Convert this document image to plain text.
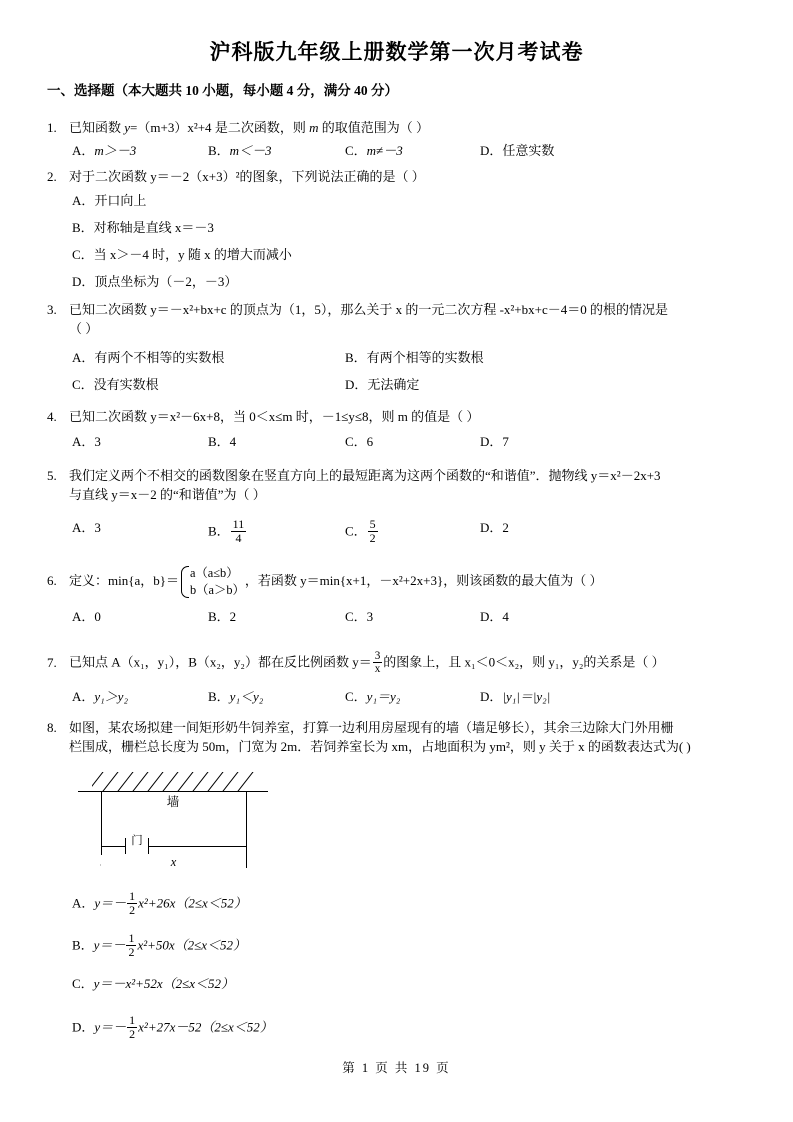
沪科版九年级上册数学第一次月考试卷
一、选择题（本大题共 10 小题，每小题 4 分，满分 40 分）
1. 已知函数 y=（m+3）x²+4 是二次函数，则 m 的取值范围为（ ）
A．m＞－3	B．m＜－3	C．m≠－3	D．任意实数
2. 对于二次函数 y＝－2（x+3）²的图象，下列说法正确的是（ ）
A．开口向上
B．对称轴是直线 x＝－3
C．当 x＞－4 时，y 随 x 的增大而减小
D．顶点坐标为（－2，－3）
3. 已知二次函数 y＝－x²+bx+c 的顶点为（1，5），那么关于 x 的一元二次方程 -x²+bx+c－4＝0 的根的情况是
（ ）
A．有两个不相等的实数根	B．有两个相等的实数根
C．没有实数根	D．无法确定
4. 已知二次函数 y＝x²－6x+8，当 0＜x≤m 时，－1≤y≤8，则 m 的值是（ ）
A．3	B．4	C．6	D．7
5. 我们定义两个不相交的函数图象在竖直方向上的最短距离为这两个函数的“和谐值”．抛物线 y＝x²－2x+3
与直线 y＝x－2 的“和谐值”为（ ）
A．3	B． $\frac{11}{4}$	C． $\frac{5}{2}$	D．2
6. 定义：min{a，b}＝ a（a≤b）
b（a＞b）
，若函数 y＝min{x+1，－x²+2x+3}，则该函数的最大值为（ ）
A．0	B．2	C．3	D．4
7. 已知点 A（x₁，y₁），B（x₂，y₂）都在反比例函数 $y= \frac{3}{x}$ 的图象上，且 x₁＜0＜x₂，则 y₁，y₂的关系是（ ）
A．y₁＞y₂	B．y₁＜y₂	C．y₁＝y₂	D．|y₁|＝|y₂|
8. 如图，某农场拟建一间矩形奶牛饲养室，打算一边利用房屋现有的墙（墙足够长），其余三边除大门外用栅
栏围成，栅栏总长度为 50m，门宽为 2m．若饲养室长为 xm，占地面积为 ym²，则 y 关于 x 的函数表达式为( )
墙
门
x
A．$y=- \frac{1}{2} x^2+26x(2\le x<52)$
B．$y=- \frac{1}{2} x^2+50x(2\le x<52)$
C．y＝－x²+52x（2≤x＜52）
D．$y=- \frac{1}{2} x^2+27x-52(2\le x<52)$
第 1 页 共 19 页
